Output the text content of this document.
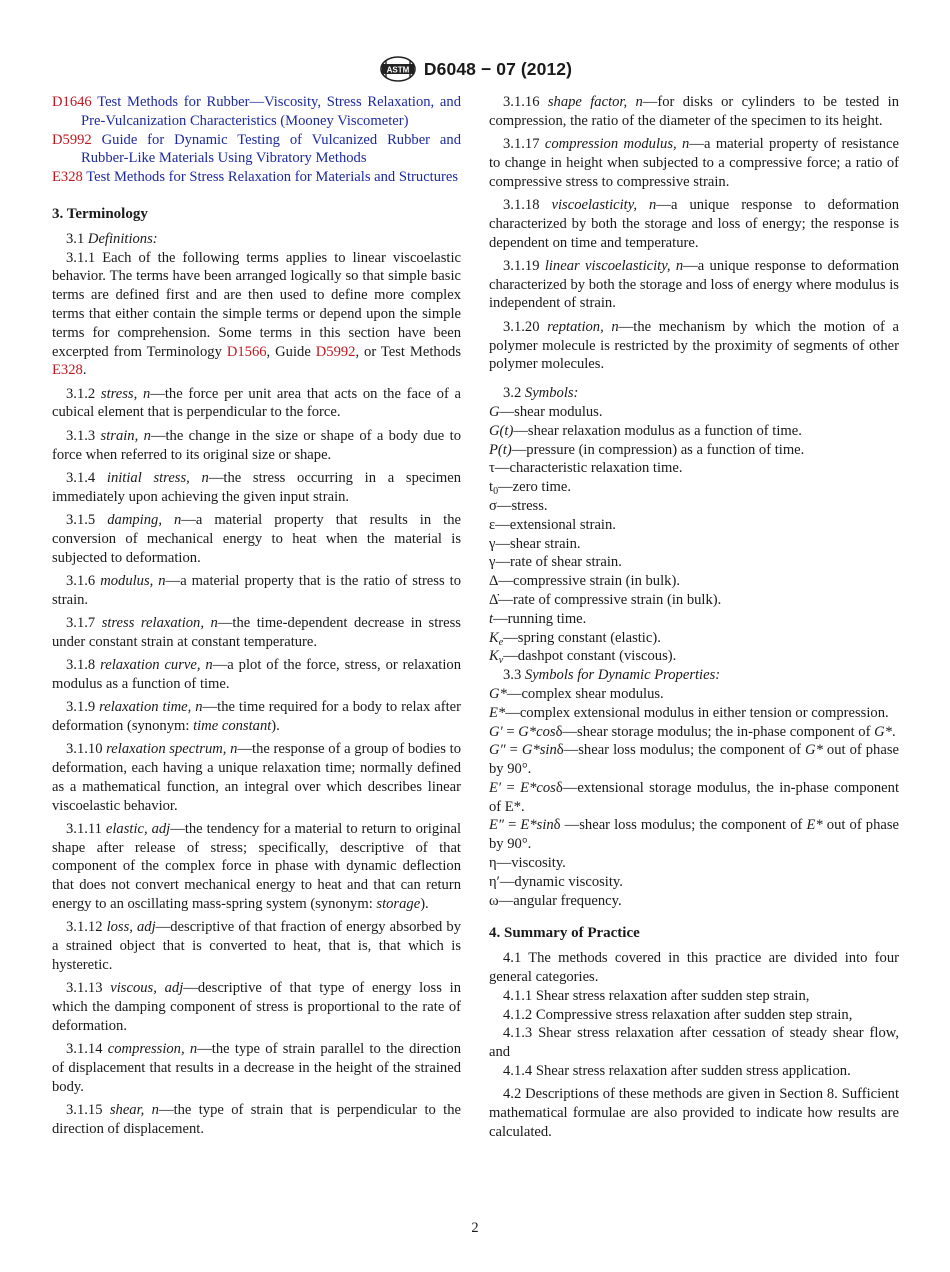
ASTM D6048 − 07 (2012)

D1646 Test Methods for Rubber—Viscosity, Stress Relaxation, and Pre-Vulcanization Characteristics (Mooney Viscometer)

D5992 Guide for Dynamic Testing of Vulcanized Rubber and Rubber-Like Materials Using Vibratory Methods

E328 Test Methods for Stress Relaxation for Materials and Structures

3. Terminology

3.1 Definitions:

3.1.1 Each of the following terms applies to linear viscoelastic behavior. The terms have been arranged logically so that simple basic terms are defined first and are then used to define more complex terms that either contain the simple terms or depend upon the simple terms for comprehension. Some terms in this section have been excerpted from Terminology D1566, Guide D5992, or Test Methods E328.

3.1.2 stress, n—the force per unit area that acts on the face of a cubical element that is perpendicular to the force.

3.1.3 strain, n—the change in the size or shape of a body due to force when referred to its original size or shape.

3.1.4 initial stress, n—the stress occurring in a specimen immediately upon achieving the given input strain.

3.1.5 damping, n—a material property that results in the conversion of mechanical energy to heat when the material is subjected to deformation.

3.1.6 modulus, n—a material property that is the ratio of stress to strain.

3.1.7 stress relaxation, n—the time-dependent decrease in stress under constant strain at constant temperature.

3.1.8 relaxation curve, n—a plot of the force, stress, or relaxation modulus as a function of time.

3.1.9 relaxation time, n—the time required for a body to relax after deformation (synonym: time constant).

3.1.10 relaxation spectrum, n—the response of a group of bodies to deformation, each having a unique relaxation time; normally defined as a mathematical function, an integral over which describes linear viscoelastic behavior.

3.1.11 elastic, adj—the tendency for a material to return to original shape after release of stress; specifically, descriptive of that component of the complex force in phase with dynamic deflection that does not convert mechanical energy to heat and that can return energy to an oscillating mass-spring system (synonym: storage).

3.1.12 loss, adj—descriptive of that fraction of energy absorbed by a strained object that is converted to heat, that is, that which is hysteretic.

3.1.13 viscous, adj—descriptive of that type of energy loss in which the damping component of stress is proportional to the rate of deformation.

3.1.14 compression, n—the type of strain parallel to the direction of displacement that results in a decrease in the height of the strained body.

3.1.15 shear, n—the type of strain that is perpendicular to the direction of displacement.

3.1.16 shape factor, n—for disks or cylinders to be tested in compression, the ratio of the diameter of the specimen to its height.

3.1.17 compression modulus, n—a material property of resistance to change in height when subjected to a compressive force; a ratio of compressive stress to compressive strain.

3.1.18 viscoelasticity, n—a unique response to deformation characterized by both the storage and loss of energy; the response is dependent on time and temperature.

3.1.19 linear viscoelasticity, n—a unique response to deformation characterized by both the storage and loss of energy where modulus is independent of strain.

3.1.20 reptation, n—the mechanism by which the motion of a polymer molecule is restricted by the proximity of segments of other polymer molecules.

3.2 Symbols:

G—shear modulus.

G(t)—shear relaxation modulus as a function of time.

P(t)—pressure (in compression) as a function of time.

τ—characteristic relaxation time.

$t_0—zero$ time.

σ—stress.

ε—extensional strain.

γ—shear strain.

γ—rate of shear strain.

Δ—compressive strain (in bulk).

Δ̇—rate of compressive strain (in bulk).

t—running time.

$K_e—spring$ constant (elastic).

$K_v—dashpot$ constant (viscous).

3.3 Symbols for Dynamic Properties:

G*—complex shear modulus.

E*—complex extensional modulus in either tension or compression.

G′ = G*cosδ—shear storage modulus; the in-phase component of G*.

G″ = G*sinδ—shear loss modulus; the component of G* out of phase by 90°.

E′ = E*cosδ—extensional storage modulus, the in-phase component of E*.

E″ = E*sinδ —shear loss modulus; the component of E* out of phase by 90°.

η—viscosity.

η′—dynamic viscosity.

ω—angular frequency.

4. Summary of Practice

4.1 The methods covered in this practice are divided into four general categories.

4.1.1 Shear stress relaxation after sudden step strain,

4.1.2 Compressive stress relaxation after sudden step strain,

4.1.3 Shear stress relaxation after cessation of steady shear flow, and

4.1.4 Shear stress relaxation after sudden stress application.

4.2 Descriptions of these methods are given in Section 8. Sufficient mathematical formulae are also provided to indicate how results are calculated.

2
